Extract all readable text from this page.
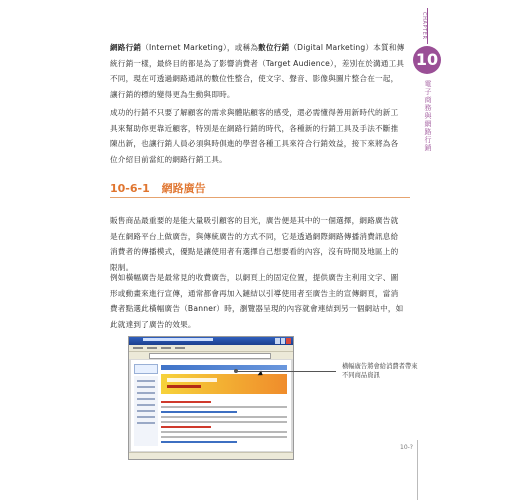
CHAPTER
10
電子商務與網路行銷
網路行銷（Internet Marketing），或稱為數位行銷（Digital Marketing）本質和傳統行銷一樣，最終目的都是為了影響消費者（Target Audience），差別在於溝通工具不同，現在可透過網路通訊的數位性整合，使文字、聲音、影像與圖片整合在一起，讓行銷的標的變得更為生動與即時。
成功的行銷不只要了解顧客的需求與體貼顧客的感受，還必需懂得善用新時代的新工具來幫助你更靠近顧客，特別是在網路行銷的時代，各種新的行銷工具及手法不斷推陳出新，也讓行銷人員必須與時俱進的學習各種工具來符合行銷效益，接下來將為各位介紹目前當紅的網路行銷工具。
10-6-1 網路廣告
販售商品最重要的是能大量吸引顧客的目光，廣告便是其中的一個選擇，網路廣告就是在網路平台上做廣告，與傳統廣告的方式不同，它是透過網際網路傳播消費訊息給消費者的傳播模式，優點是讓使用者有選擇自己想要看的內容，沒有時間及地區上的限制。
例如橫幅廣告是最常見的收費廣告，以網頁上的固定位置，提供廣告主利用文字、圖形或動畫來進行宣傳，通常都會再加入鏈結以引導使用者至廣告主的宣傳網頁，當消費者點選此橫幅廣告（Banner）時，瀏覽器呈現的內容就會連結到另一個網站中，如此就達到了廣告的效果。
橫幅廣告將會給消費者帶來不同商品資訊
10-?
